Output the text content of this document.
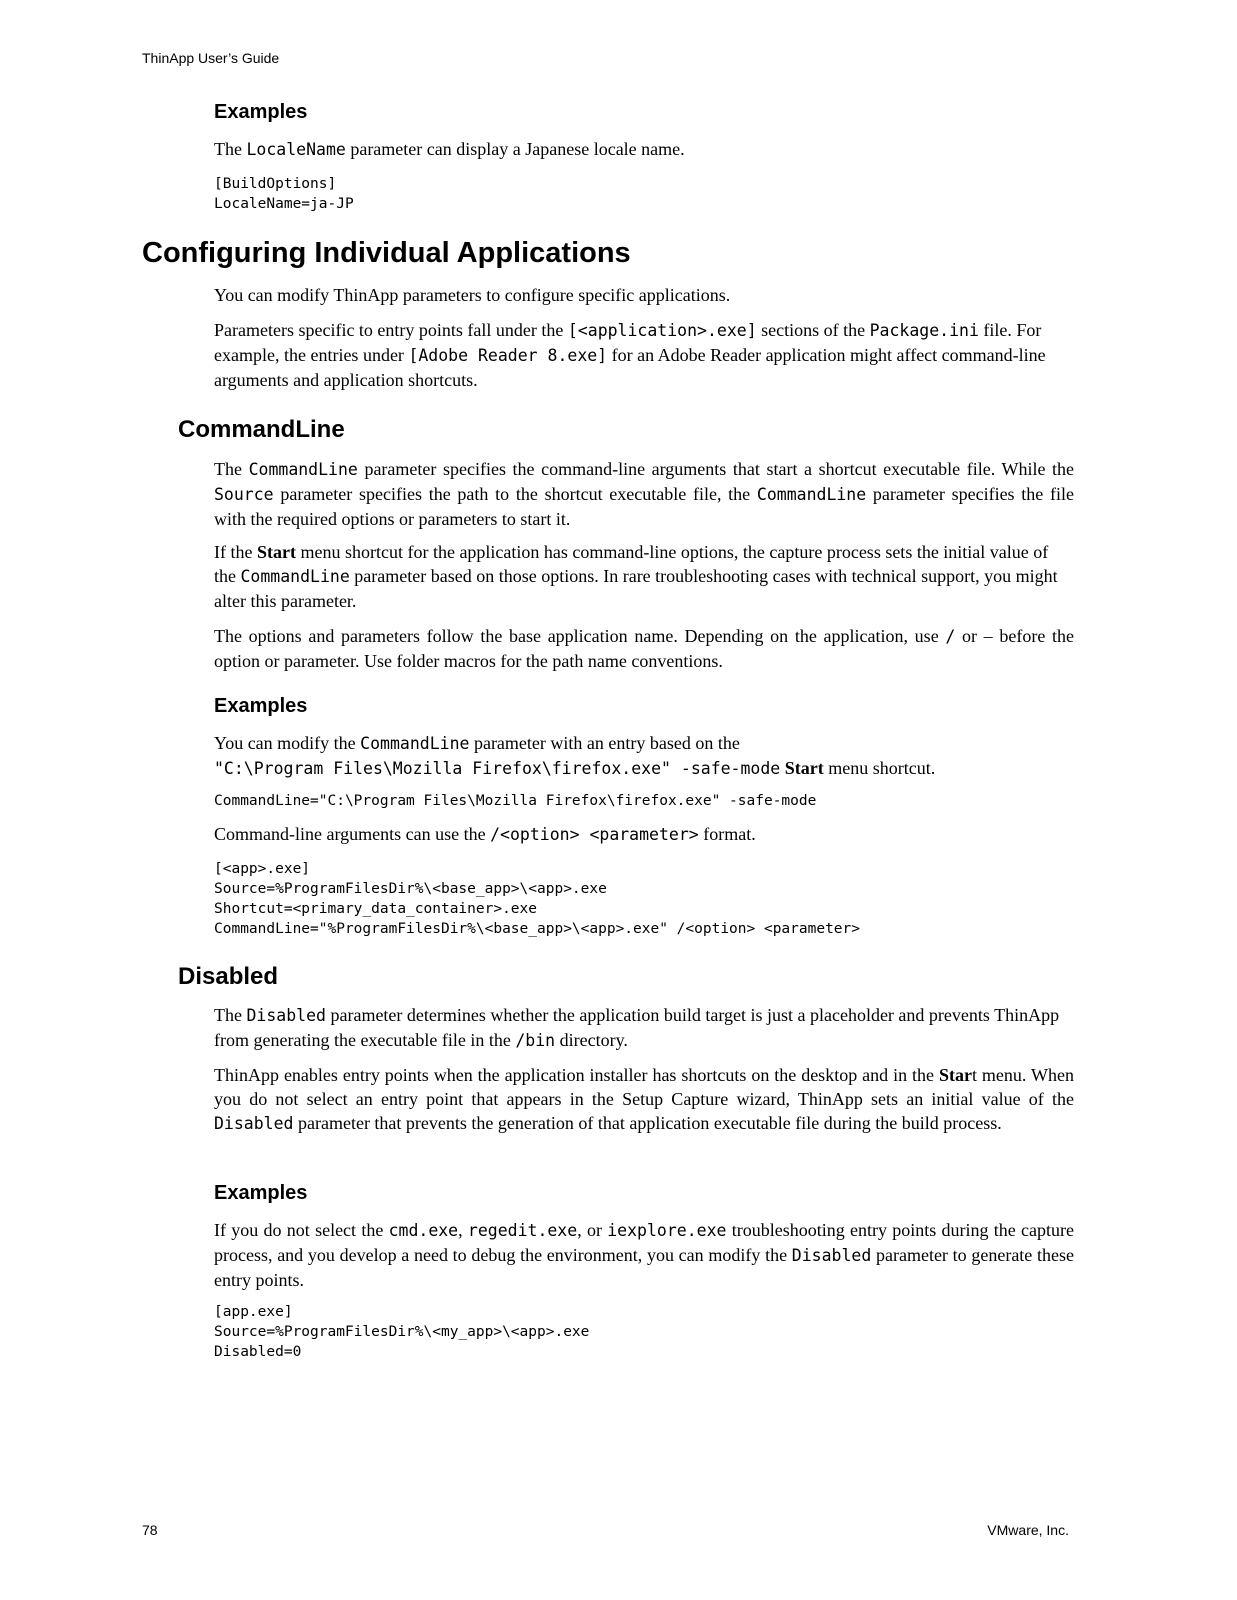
ThinApp User’s Guide
78	VMware, Inc.
Examples
The LocaleName parameter can display a Japanese locale name.
[BuildOptions]
LocaleName=ja-JP
Configuring Individual Applications
You can modify ThinApp parameters to configure specific applications.
Parameters specific to entry points fall under the [<application>.exe] sections of the Package.ini file. For example, the entries under [Adobe Reader 8.exe] for an Adobe Reader application might affect command-line arguments and application shortcuts.
CommandLine
The CommandLine parameter specifies the command-line arguments that start a shortcut executable file. While the Source parameter specifies the path to the shortcut executable file, the CommandLine parameter specifies the file with the required options or parameters to start it.
If the Start menu shortcut for the application has command-line options, the capture process sets the initial value of the CommandLine parameter based on those options. In rare troubleshooting cases with technical support, you might alter this parameter.
The options and parameters follow the base application name. Depending on the application, use / or – before the option or parameter. Use folder macros for the path name conventions.
Examples
You can modify the CommandLine parameter with an entry based on the
"C:\Program Files\Mozilla Firefox\firefox.exe" -safe-mode Start menu shortcut.
CommandLine="C:\Program Files\Mozilla Firefox\firefox.exe" -safe-mode
Command-line arguments can use the /<option> <parameter> format.
[<app>.exe]
Source=%ProgramFilesDir%\<base_app>\<app>.exe
Shortcut=<primary_data_container>.exe
CommandLine="%ProgramFilesDir%\<base_app>\<app>.exe" /<option> <parameter>
Disabled
The Disabled parameter determines whether the application build target is just a placeholder and prevents ThinApp from generating the executable file in the /bin directory.
ThinApp enables entry points when the application installer has shortcuts on the desktop and in the Start menu. When you do not select an entry point that appears in the Setup Capture wizard, ThinApp sets an initial value of the Disabled parameter that prevents the generation of that application executable file during the build process.
Examples
If you do not select the cmd.exe, regedit.exe, or iexplore.exe troubleshooting entry points during the capture process, and you develop a need to debug the environment, you can modify the Disabled parameter to generate these entry points.
[app.exe]
Source=%ProgramFilesDir%\<my_app>\<app>.exe
Disabled=0
